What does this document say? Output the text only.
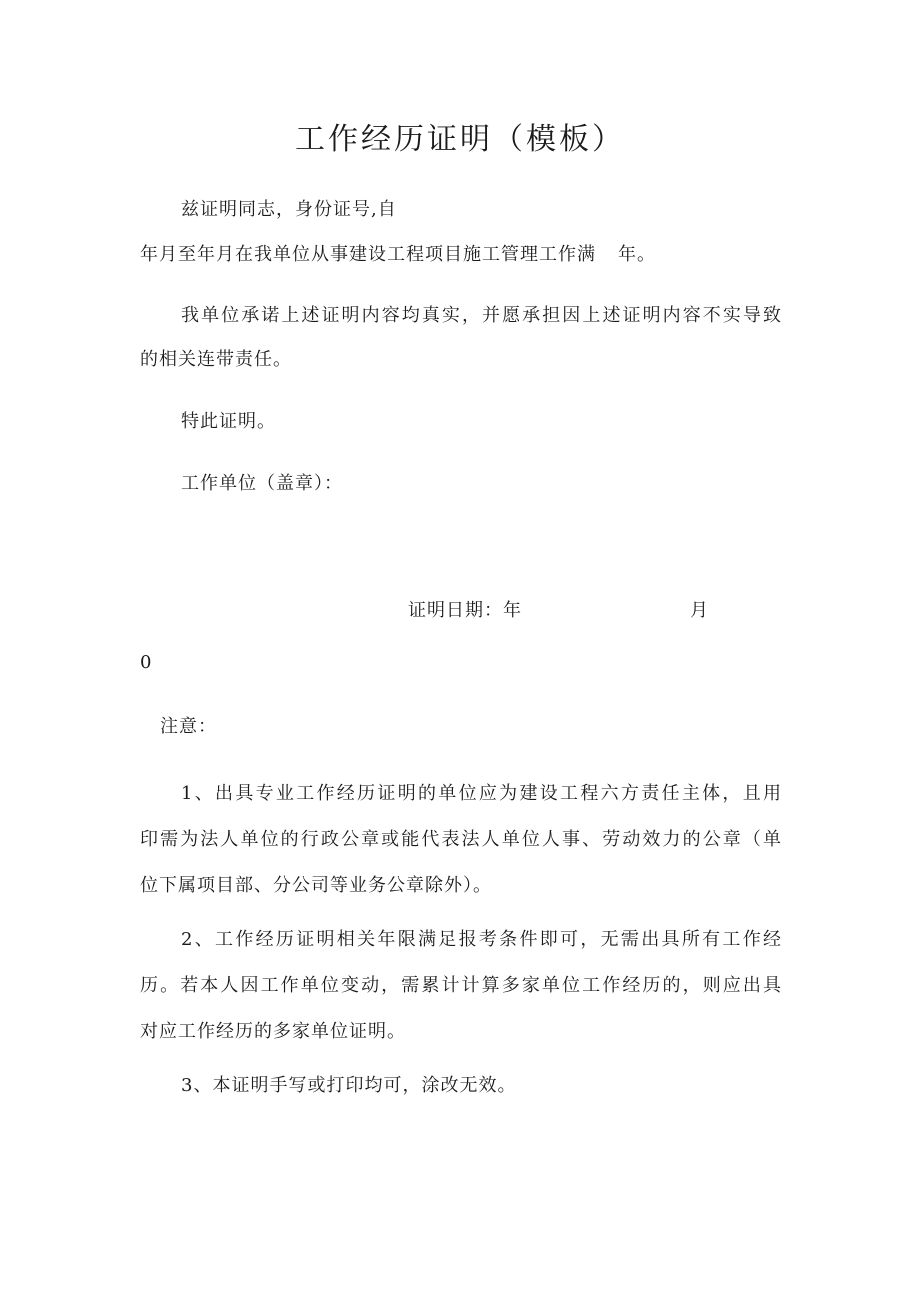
工作经历证明（模板）
兹证明同志，身份证号,自
年月至年月在我单位从事建设工程项目施工管理工作满 年。
我单位承诺上述证明内容均真实，并愿承担因上述证明内容不实导致
的相关连带责任。
特此证明。
工作单位（盖章）：
证明日期：年	月
0
注意：
1、出具专业工作经历证明的单位应为建设工程六方责任主体，且用
印需为法人单位的行政公章或能代表法人单位人事、劳动效力的公章（单
位下属项目部、分公司等业务公章除外）。
2、工作经历证明相关年限满足报考条件即可，无需出具所有工作经
历。若本人因工作单位变动，需累计计算多家单位工作经历的，则应出具
对应工作经历的多家单位证明。
3、本证明手写或打印均可，涂改无效。
